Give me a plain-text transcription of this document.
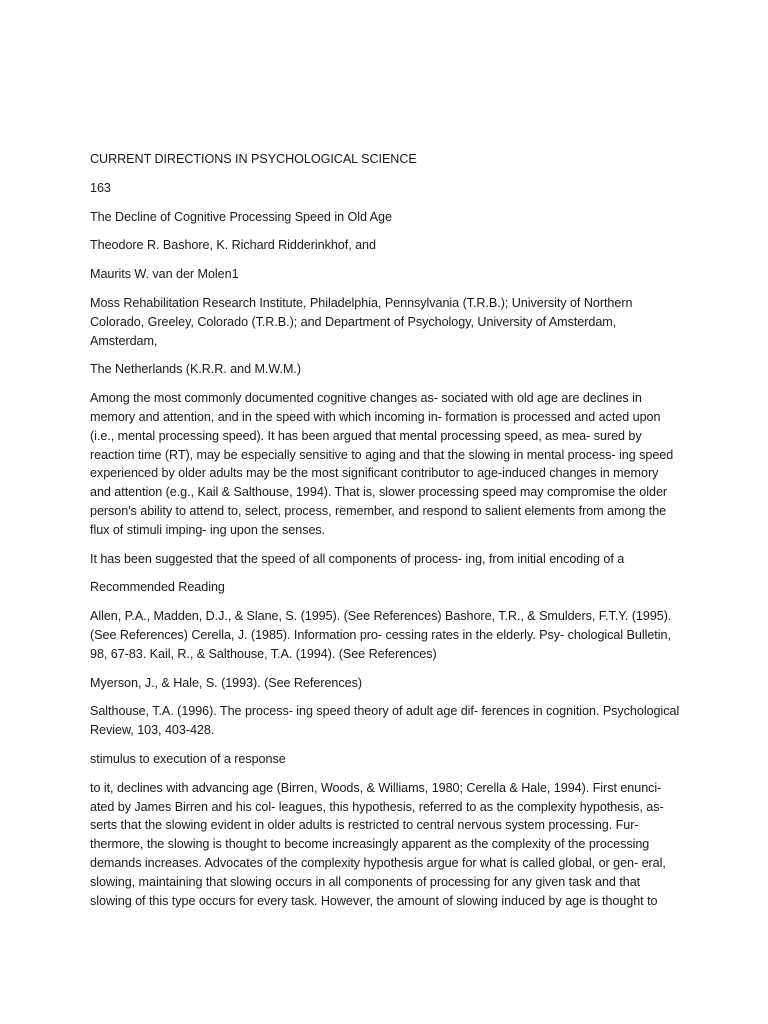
CURRENT DIRECTIONS IN PSYCHOLOGICAL SCIENCE

163

The Decline of Cognitive Processing Speed in Old Age

Theodore R. Bashore, K. Richard Ridderinkhof, and

Maurits W. van der Molen1

Moss Rehabilitation Research Institute, Philadelphia, Pennsylvania (T.R.B.); University of Northern Colorado, Greeley, Colorado (T.R.B.); and Department of Psychology, University of Amsterdam, Amsterdam,

The Netherlands (K.R.R. and M.W.M.)

Among the most commonly documented cognitive changes as- sociated with old age are declines in memory and attention, and in the speed with which incoming in- formation is processed and acted upon (i.e., mental processing speed). It has been argued that mental processing speed, as mea- sured by reaction time (RT), may be especially sensitive to aging and that the slowing in mental process- ing speed experienced by older adults may be the most significant contributor to age-induced changes in memory and attention (e.g., Kail & Salthouse, 1994). That is, slower processing speed may compromise the older person's ability to attend to, select, process, remember, and respond to salient elements from among the flux of stimuli imping- ing upon the senses.

It has been suggested that the speed of all components of process- ing, from initial encoding of a

Recommended Reading

Allen, P.A., Madden, D.J., & Slane, S. (1995). (See References) Bashore, T.R., & Smulders, F.T.Y. (1995). (See References) Cerella, J. (1985). Information pro- cessing rates in the elderly. Psy- chological Bulletin, 98, 67-83. Kail, R., & Salthouse, T.A. (1994). (See References)

Myerson, J., & Hale, S. (1993). (See References)

Salthouse, T.A. (1996). The process- ing speed theory of adult age dif- ferences in cognition. Psychological Review, 103, 403-428.

stimulus to execution of a response

to it, declines with advancing age (Birren, Woods, & Williams, 1980; Cerella & Hale, 1994). First enunci- ated by James Birren and his col- leagues, this hypothesis, referred to as the complexity hypothesis, as- serts that the slowing evident in older adults is restricted to central nervous system processing. Fur- thermore, the slowing is thought to become increasingly apparent as the complexity of the processing demands increases. Advocates of the complexity hypothesis argue for what is called global, or gen- eral, slowing, maintaining that slowing occurs in all components of processing for any given task and that slowing of this type occurs for every task. However, the amount of slowing induced by age is thought to
